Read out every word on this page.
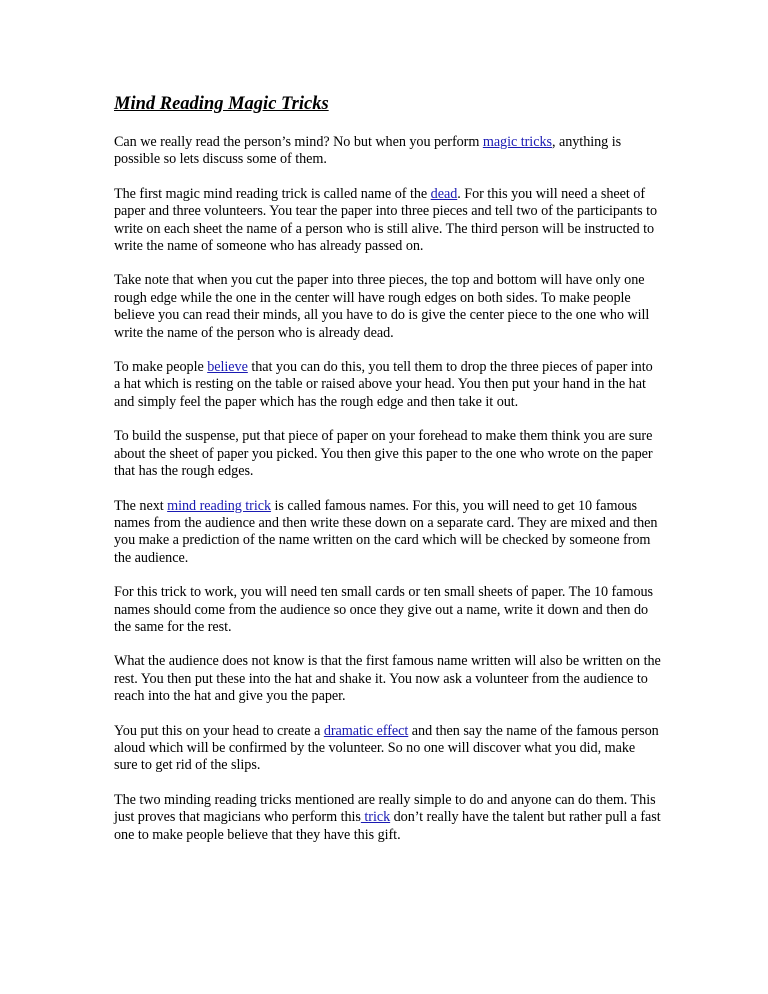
Mind Reading Magic Tricks

Can we really read the person’s mind? No but when you perform magic tricks, anything is possible so lets discuss some of them.

The first magic mind reading trick is called name of the dead. For this you will need a sheet of paper and three volunteers. You tear the paper into three pieces and tell two of the participants to write on each sheet the name of a person who is still alive. The third person will be instructed to write the name of someone who has already passed on.

Take note that when you cut the paper into three pieces, the top and bottom will have only one rough edge while the one in the center will have rough edges on both sides. To make people believe you can read their minds, all you have to do is give the center piece to the one who will write the name of the person who is already dead.

To make people believe that you can do this, you tell them to drop the three pieces of paper into a hat which is resting on the table or raised above your head. You then put your hand in the hat and simply feel the paper which has the rough edge and then take it out.

To build the suspense, put that piece of paper on your forehead to make them think you are sure about the sheet of paper you picked. You then give this paper to the one who wrote on the paper that has the rough edges.

The next mind reading trick is called famous names. For this, you will need to get 10 famous names from the audience and then write these down on a separate card. They are mixed and then you make a prediction of the name written on the card which will be checked by someone from the audience.

For this trick to work, you will need ten small cards or ten small sheets of paper. The 10 famous names should come from the audience so once they give out a name, write it down and then do the same for the rest.

What the audience does not know is that the first famous name written will also be written on the rest. You then put these into the hat and shake it. You now ask a volunteer from the audience to reach into the hat and give you the paper.

You put this on your head to create a dramatic effect and then say the name of the famous person aloud which will be confirmed by the volunteer. So no one will discover what you did, make sure to get rid of the slips.

The two minding reading tricks mentioned are really simple to do and anyone can do them. This just proves that magicians who perform this trick don’t really have the talent but rather pull a fast one to make people believe that they have this gift.
